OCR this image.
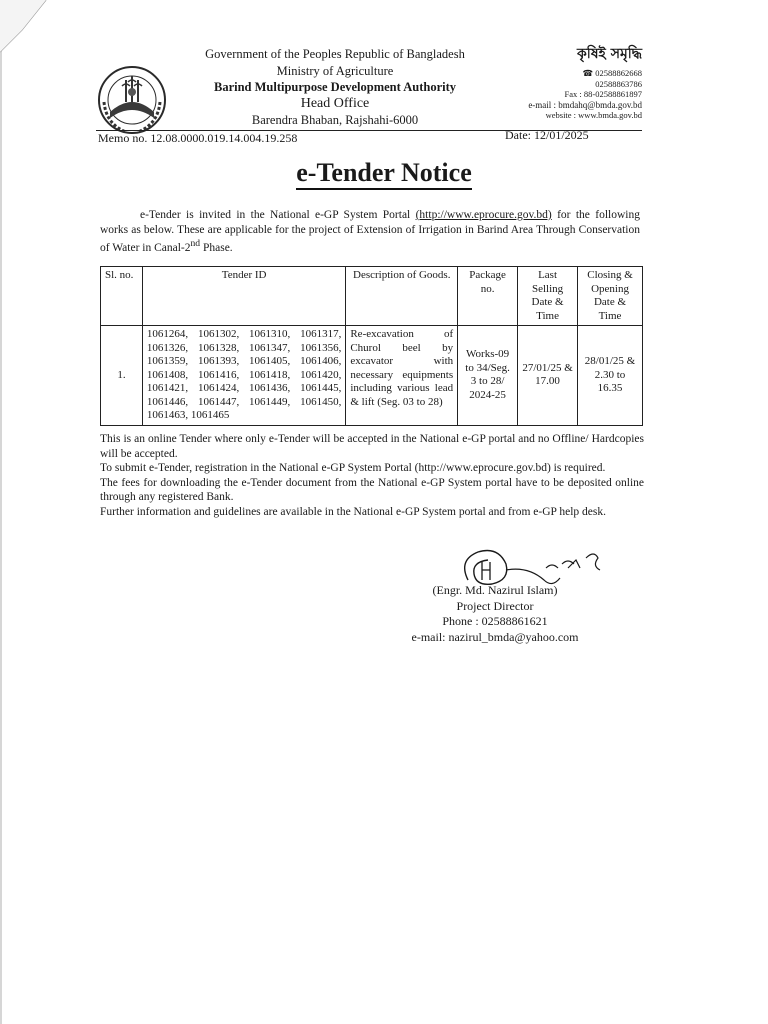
Government of the Peoples Republic of Bangladesh
Ministry of Agriculture
Barind Multipurpose Development Authority
Head Office
Barendra Bhaban, Rajshahi-6000
কৃষিই সমৃদ্ধি
☎ 02588862668
02588863786
Fax : 88-02588861897
e-mail : bmdahq@bmda.gov.bd
website : www.bmda.gov.bd
Memo no. 12.08.0000.019.14.004.19.258	Date: 12/01/2025
e-Tender Notice
e-Tender is invited in the National e-GP System Portal (http://www.eprocure.gov.bd) for the following works as below. These are applicable for the project of Extension of Irrigation in Barind Area Through Conservation of Water in Canal-2nd Phase.
Sl. no.	Tender ID	Description of Goods.	Package no.	Last Selling Date & Time	Closing & Opening Date & Time
1.	1061264, 1061302, 1061310, 1061317, 1061326, 1061328, 1061347, 1061356, 1061359, 1061393, 1061405, 1061406, 1061408, 1061416, 1061418, 1061420, 1061421, 1061424, 1061436, 1061445, 1061446, 1061447, 1061449, 1061450, 1061463, 1061465	Re-excavation of Churol beel by excavator with necessary equipments including various lead & lift (Seg. 03 to 28)	Works-09 to 34/Seg. 3 to 28/ 2024-25	27/01/25 & 17.00	28/01/25 & 2.30 to 16.35

This is an online Tender where only e-Tender will be accepted in the National e-GP portal and no Offline/ Hardcopies will be accepted.

To submit e-Tender, registration in the National e-GP System Portal (http://www.eprocure.gov.bd) is required.

The fees for downloading the e-Tender document from the National e-GP System portal have to be deposited online through any registered Bank.

Further information and guidelines are available in the National e-GP System portal and from e-GP help desk.

(Engr. Md. Nazirul Islam)
Project Director
Phone : 02588861621
e-mail: nazirul_bmda@yahoo.com
